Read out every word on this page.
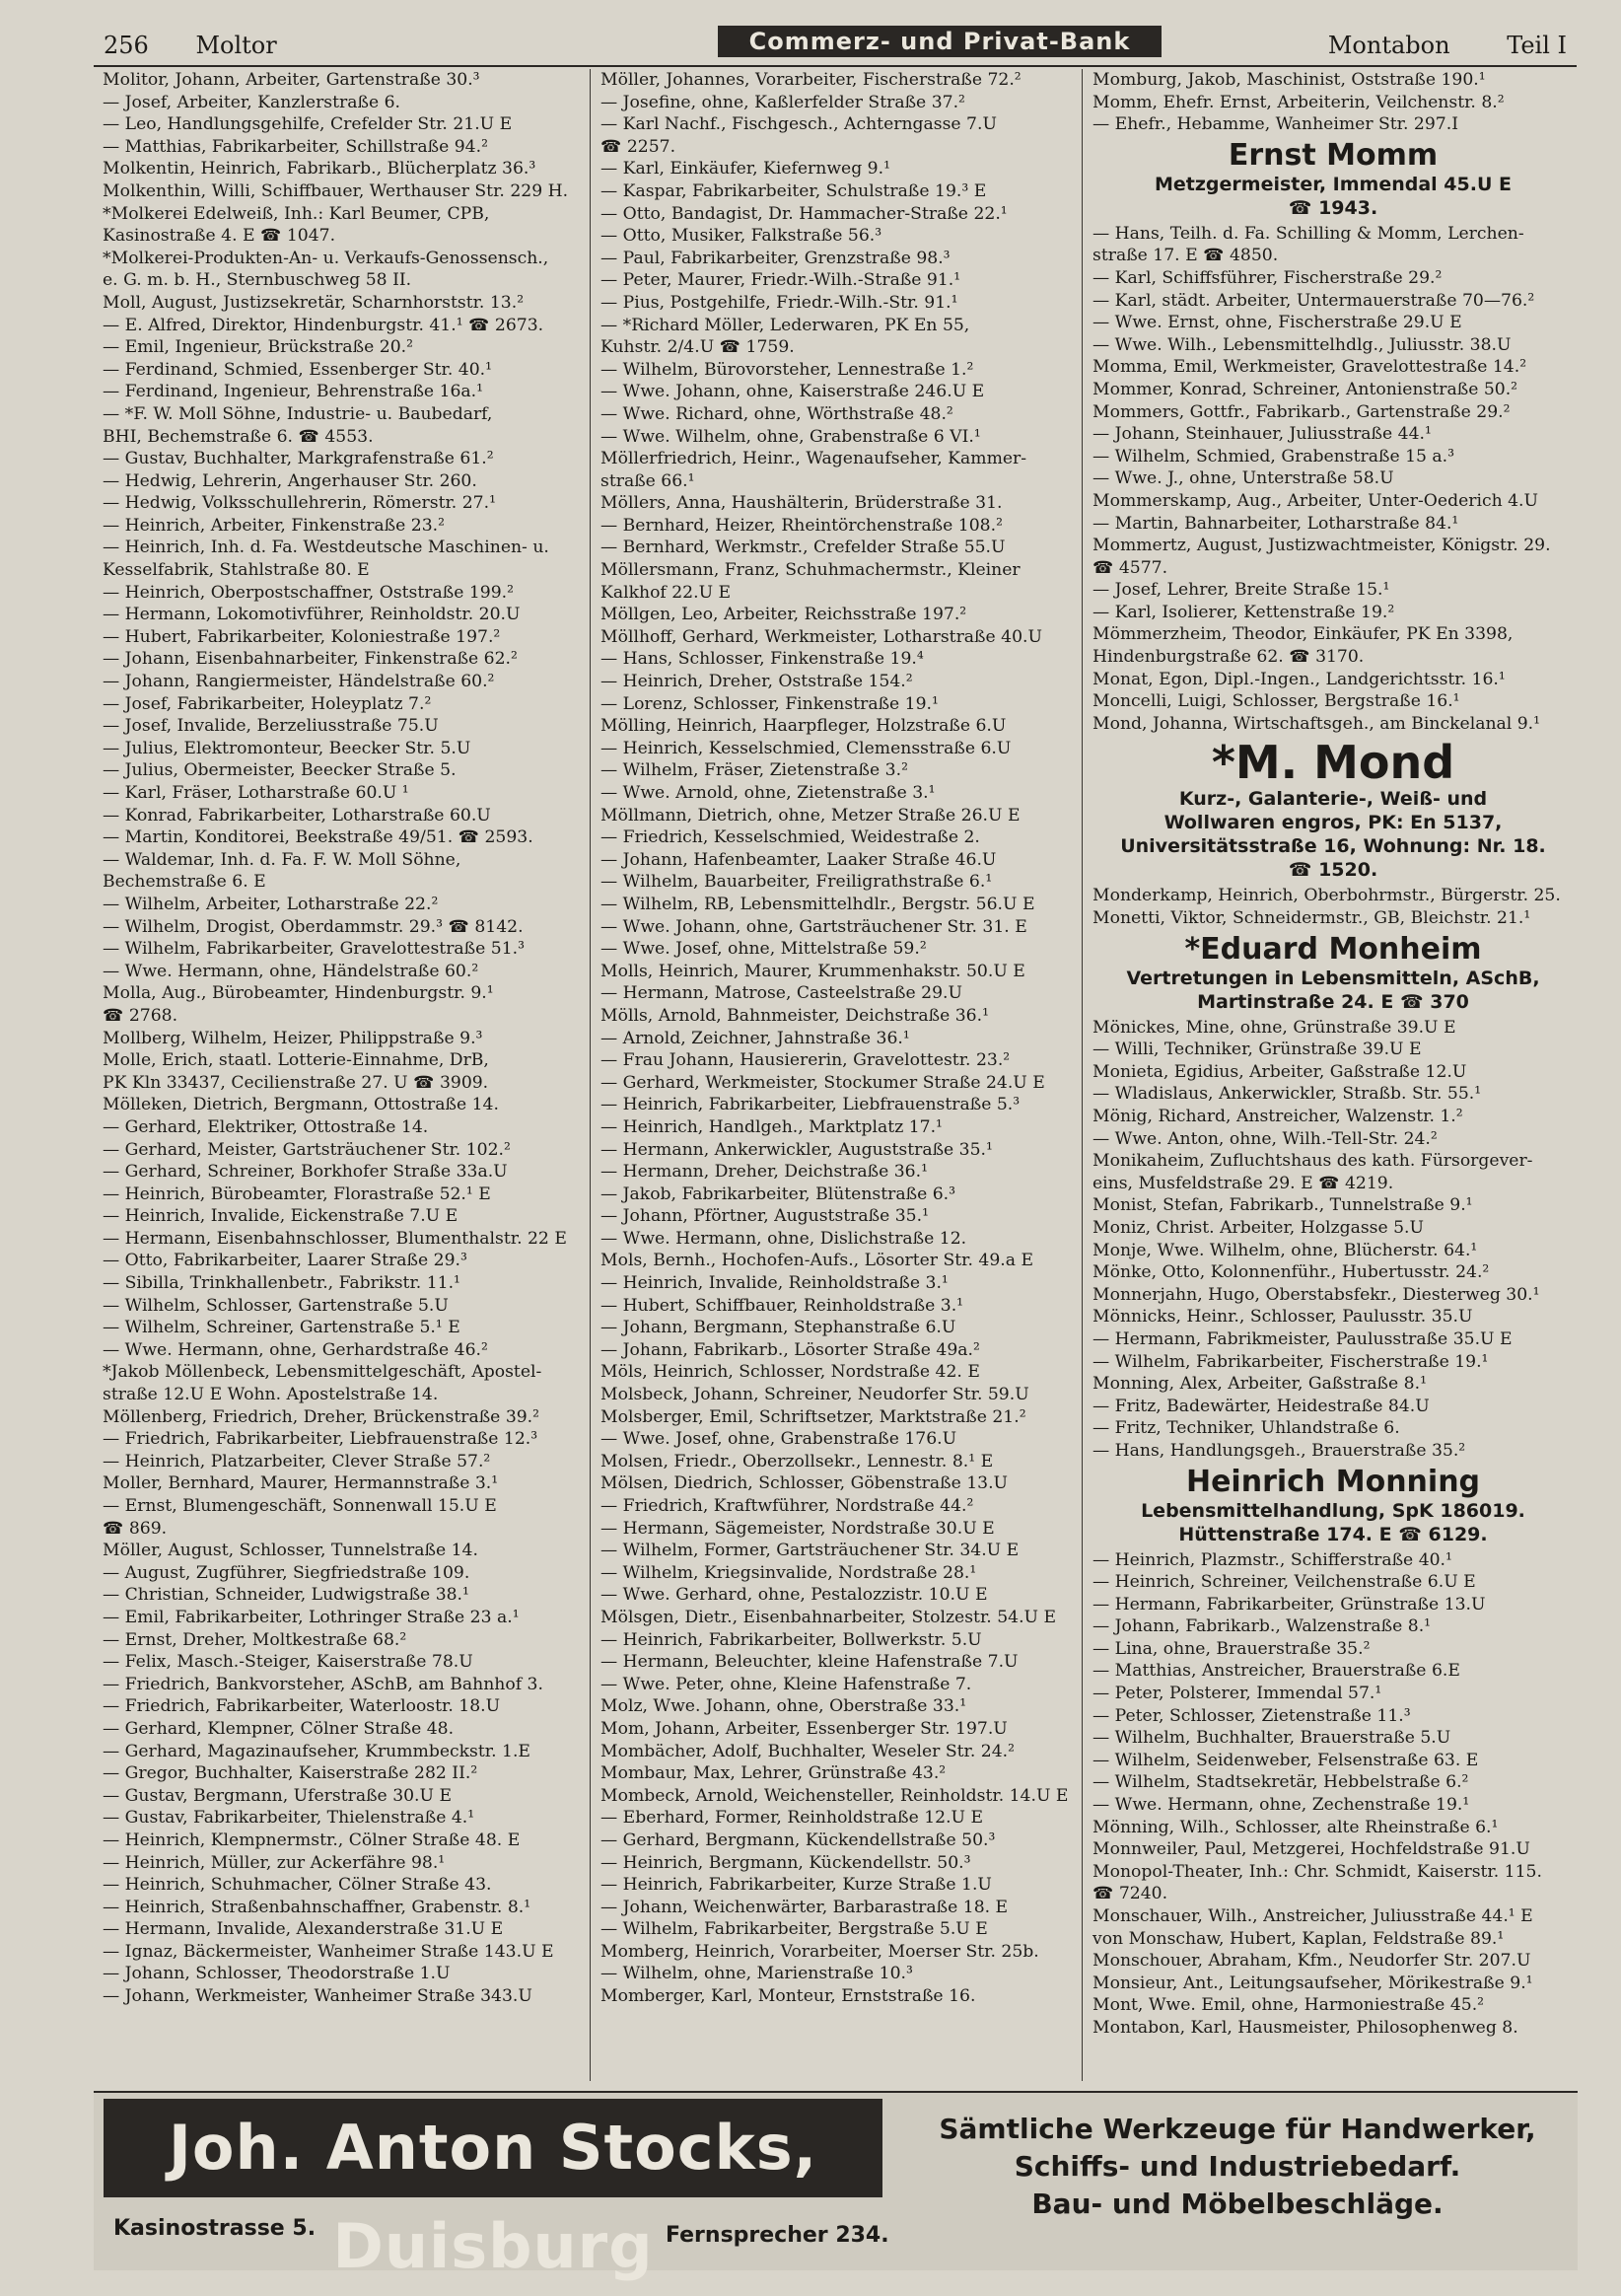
256 Moltor	Commerz- und Privat-Bank	Montabon Teil I
Molitor, Johann, Arbeiter, Gartenstraße 30.³
— Josef, Arbeiter, Kanzlerstraße 6.
— Leo, Handlungsgehilfe, Crefelder Str. 21.U E
— Matthias, Fabrikarbeiter, Schillstraße 94.²
Molkentin, Heinrich, Fabrikarb., Blücherplatz 36.³
Molkenthin, Willi, Schiffbauer, Werthauser Str. 229 H.
*Molkerei Edelweiß, Inh.: Karl Beumer, CPB,
Kasinostraße 4. E ☎ 1047.
*Molkerei-Produkten-An- u. Verkaufs-Genossensch.,
e. G. m. b. H., Sternbuschweg 58 II.
Moll, August, Justizsekretär, Scharnhorststr. 13.²
— E. Alfred, Direktor, Hindenburgstr. 41.¹ ☎ 2673.
— Emil, Ingenieur, Brückstraße 20.²
— Ferdinand, Schmied, Essenberger Str. 40.¹
— Ferdinand, Ingenieur, Behrenstraße 16a.¹
— *F. W. Moll Söhne, Industrie- u. Baubedarf,
BHI, Bechemstraße 6. ☎ 4553.
— Gustav, Buchhalter, Markgrafenstraße 61.²
— Hedwig, Lehrerin, Angerhauser Str. 260.
— Hedwig, Volksschullehrerin, Römerstr. 27.¹
— Heinrich, Arbeiter, Finkenstraße 23.²
— Heinrich, Inh. d. Fa. Westdeutsche Maschinen- u.
Kesselfabrik, Stahlstraße 80. E
— Heinrich, Oberpostschaffner, Oststraße 199.²
— Hermann, Lokomotivführer, Reinholdstr. 20.U
— Hubert, Fabrikarbeiter, Koloniestraße 197.²
— Johann, Eisenbahnarbeiter, Finkenstraße 62.²
— Johann, Rangiermeister, Händelstraße 60.²
— Josef, Fabrikarbeiter, Holeyplatz 7.²
— Josef, Invalide, Berzeliusstraße 75.U
— Julius, Elektromonteur, Beecker Str. 5.U
— Julius, Obermeister, Beecker Straße 5.
— Karl, Fräser, Lotharstraße 60.U ¹
— Konrad, Fabrikarbeiter, Lotharstraße 60.U
— Martin, Konditorei, Beekstraße 49/51. ☎ 2593.
— Waldemar, Inh. d. Fa. F. W. Moll Söhne,
Bechemstraße 6. E
— Wilhelm, Arbeiter, Lotharstraße 22.²
— Wilhelm, Drogist, Oberdammstr. 29.³ ☎ 8142.
— Wilhelm, Fabrikarbeiter, Gravelottestraße 51.³
— Wwe. Hermann, ohne, Händelstraße 60.²
Molla, Aug., Bürobeamter, Hindenburgstr. 9.¹
☎ 2768.
Mollberg, Wilhelm, Heizer, Philippstraße 9.³
Molle, Erich, staatl. Lotterie-Einnahme, DrB,
PK Kln 33437, Cecilienstraße 27. U ☎ 3909.
Mölleken, Dietrich, Bergmann, Ottostraße 14.
— Gerhard, Elektriker, Ottostraße 14.
— Gerhard, Meister, Gartsträuchener Str. 102.²
— Gerhard, Schreiner, Borkhofer Straße 33a.U
— Heinrich, Bürobeamter, Florastraße 52.¹ E
— Heinrich, Invalide, Eickenstraße 7.U E
— Hermann, Eisenbahnschlosser, Blumenthalstr. 22 E
— Otto, Fabrikarbeiter, Laarer Straße 29.³
— Sibilla, Trinkhallenbetr., Fabrikstr. 11.¹
— Wilhelm, Schlosser, Gartenstraße 5.U
— Wilhelm, Schreiner, Gartenstraße 5.¹ E
— Wwe. Hermann, ohne, Gerhardstraße 46.²
*Jakob Möllenbeck, Lebensmittelgeschäft, Apostel-
straße 12.U E Wohn. Apostelstraße 14.
Möllenberg, Friedrich, Dreher, Brückenstraße 39.²
— Friedrich, Fabrikarbeiter, Liebfrauenstraße 12.³
— Heinrich, Platzarbeiter, Clever Straße 57.²
Moller, Bernhard, Maurer, Hermannstraße 3.¹
— Ernst, Blumengeschäft, Sonnenwall 15.U E
☎ 869.
Möller, August, Schlosser, Tunnelstraße 14.
— August, Zugführer, Siegfriedstraße 109.
— Christian, Schneider, Ludwigstraße 38.¹
— Emil, Fabrikarbeiter, Lothringer Straße 23 a.¹
— Ernst, Dreher, Moltkestraße 68.²
— Felix, Masch.-Steiger, Kaiserstraße 78.U
— Friedrich, Bankvorsteher, ASchB, am Bahnhof 3.
— Friedrich, Fabrikarbeiter, Waterloostr. 18.U
— Gerhard, Klempner, Cölner Straße 48.
— Gerhard, Magazinaufseher, Krummbeckstr. 1.E
— Gregor, Buchhalter, Kaiserstraße 282 II.²
— Gustav, Bergmann, Uferstraße 30.U E
— Gustav, Fabrikarbeiter, Thielenstraße 4.¹
— Heinrich, Klempnermstr., Cölner Straße 48. E
— Heinrich, Müller, zur Ackerfähre 98.¹
— Heinrich, Schuhmacher, Cölner Straße 43.
— Heinrich, Straßenbahnschaffner, Grabenstr. 8.¹
— Hermann, Invalide, Alexanderstraße 31.U E
— Ignaz, Bäckermeister, Wanheimer Straße 143.U E
— Johann, Schlosser, Theodorstraße 1.U
— Johann, Werkmeister, Wanheimer Straße 343.U
Möller, Johannes, Vorarbeiter, Fischerstraße 72.²
— Josefine, ohne, Kaßlerfelder Straße 37.²
— Karl Nachf., Fischgesch., Achterngasse 7.U
☎ 2257.
— Karl, Einkäufer, Kiefernweg 9.¹
— Kaspar, Fabrikarbeiter, Schulstraße 19.³ E
— Otto, Bandagist, Dr. Hammacher-Straße 22.¹
— Otto, Musiker, Falkstraße 56.³
— Paul, Fabrikarbeiter, Grenzstraße 98.³
— Peter, Maurer, Friedr.-Wilh.-Straße 91.¹
— Pius, Postgehilfe, Friedr.-Wilh.-Str. 91.¹
— *Richard Möller, Lederwaren, PK En 55,
Kuhstr. 2/4.U ☎ 1759.
— Wilhelm, Bürovorsteher, Lennestraße 1.²
— Wwe. Johann, ohne, Kaiserstraße 246.U E
— Wwe. Richard, ohne, Wörthstraße 48.²
— Wwe. Wilhelm, ohne, Grabenstraße 6 VI.¹
Möllerfriedrich, Heinr., Wagenaufseher, Kammer-
straße 66.¹
Möllers, Anna, Haushälterin, Brüderstraße 31.
— Bernhard, Heizer, Rheintörchenstraße 108.²
— Bernhard, Werkmstr., Crefelder Straße 55.U
Möllersmann, Franz, Schuhmachermstr., Kleiner
Kalkhof 22.U E
Möllgen, Leo, Arbeiter, Reichsstraße 197.²
Möllhoff, Gerhard, Werkmeister, Lotharstraße 40.U
— Hans, Schlosser, Finkenstraße 19.⁴
— Heinrich, Dreher, Oststraße 154.²
— Lorenz, Schlosser, Finkenstraße 19.¹
Mölling, Heinrich, Haarpfleger, Holzstraße 6.U
— Heinrich, Kesselschmied, Clemensstraße 6.U
— Wilhelm, Fräser, Zietenstraße 3.²
— Wwe. Arnold, ohne, Zietenstraße 3.¹
Möllmann, Dietrich, ohne, Metzer Straße 26.U E
— Friedrich, Kesselschmied, Weidestraße 2.
— Johann, Hafenbeamter, Laaker Straße 46.U
— Wilhelm, Bauarbeiter, Freiligrathstraße 6.¹
— Wilhelm, RB, Lebensmittelhdlr., Bergstr. 56.U E
— Wwe. Johann, ohne, Gartsträuchener Str. 31. E
— Wwe. Josef, ohne, Mittelstraße 59.²
Molls, Heinrich, Maurer, Krummenhakstr. 50.U E
— Hermann, Matrose, Casteelstraße 29.U
Mölls, Arnold, Bahnmeister, Deichstraße 36.¹
— Arnold, Zeichner, Jahnstraße 36.¹
— Frau Johann, Hausiererin, Gravelottestr. 23.²
— Gerhard, Werkmeister, Stockumer Straße 24.U E
— Heinrich, Fabrikarbeiter, Liebfrauenstraße 5.³
— Heinrich, Handlgeh., Marktplatz 17.¹
— Hermann, Ankerwickler, Auguststraße 35.¹
— Hermann, Dreher, Deichstraße 36.¹
— Jakob, Fabrikarbeiter, Blütenstraße 6.³
— Johann, Pförtner, Auguststraße 35.¹
— Wwe. Hermann, ohne, Dislichstraße 12.
Mols, Bernh., Hochofen-Aufs., Lösorter Str. 49.a E
— Heinrich, Invalide, Reinholdstraße 3.¹
— Hubert, Schiffbauer, Reinholdstraße 3.¹
— Johann, Bergmann, Stephanstraße 6.U
— Johann, Fabrikarb., Lösorter Straße 49a.²
Möls, Heinrich, Schlosser, Nordstraße 42. E
Molsbeck, Johann, Schreiner, Neudorfer Str. 59.U
Molsberger, Emil, Schriftsetzer, Marktstraße 21.²
— Wwe. Josef, ohne, Grabenstraße 176.U
Molsen, Friedr., Oberzollsekr., Lennestr. 8.¹ E
Mölsen, Diedrich, Schlosser, Göbenstraße 13.U
— Friedrich, Kraftwführer, Nordstraße 44.²
— Hermann, Sägemeister, Nordstraße 30.U E
— Wilhelm, Former, Gartsträuchener Str. 34.U E
— Wilhelm, Kriegsinvalide, Nordstraße 28.¹
— Wwe. Gerhard, ohne, Pestalozzistr. 10.U E
Mölsgen, Dietr., Eisenbahnarbeiter, Stolzestr. 54.U E
— Heinrich, Fabrikarbeiter, Bollwerkstr. 5.U
— Hermann, Beleuchter, kleine Hafenstraße 7.U
— Wwe. Peter, ohne, Kleine Hafenstraße 7.
Molz, Wwe. Johann, ohne, Oberstraße 33.¹
Mom, Johann, Arbeiter, Essenberger Str. 197.U
Mombächer, Adolf, Buchhalter, Weseler Str. 24.²
Mombaur, Max, Lehrer, Grünstraße 43.²
Mombeck, Arnold, Weichensteller, Reinholdstr. 14.U E
— Eberhard, Former, Reinholdstraße 12.U E
— Gerhard, Bergmann, Kückendellstraße 50.³
— Heinrich, Bergmann, Kückendellstr. 50.³
— Heinrich, Fabrikarbeiter, Kurze Straße 1.U
— Johann, Weichenwärter, Barbarastraße 18. E
— Wilhelm, Fabrikarbeiter, Bergstraße 5.U E
Momberg, Heinrich, Vorarbeiter, Moerser Str. 25b.
— Wilhelm, ohne, Marienstraße 10.³
Momberger, Karl, Monteur, Ernststraße 16.
Momburg, Jakob, Maschinist, Oststraße 190.¹
Momm, Ehefr. Ernst, Arbeiterin, Veilchenstr. 8.²
— Ehefr., Hebamme, Wanheimer Str. 297.I
Ernst Momm
Metzgermeister, Immendal 45.U E
☎ 1943.
— Hans, Teilh. d. Fa. Schilling & Momm, Lerchen-
straße 17. E ☎ 4850.
— Karl, Schiffsführer, Fischerstraße 29.²
— Karl, städt. Arbeiter, Untermauerstraße 70—76.²
— Wwe. Ernst, ohne, Fischerstraße 29.U E
— Wwe. Wilh., Lebensmittelhdlg., Juliusstr. 38.U
Momma, Emil, Werkmeister, Gravelottestraße 14.²
Mommer, Konrad, Schreiner, Antonienstraße 50.²
Mommers, Gottfr., Fabrikarb., Gartenstraße 29.²
— Johann, Steinhauer, Juliusstraße 44.¹
— Wilhelm, Schmied, Grabenstraße 15 a.³
— Wwe. J., ohne, Unterstraße 58.U
Mommerskamp, Aug., Arbeiter, Unter-Oederich 4.U
— Martin, Bahnarbeiter, Lotharstraße 84.¹
Mommertz, August, Justizwachtmeister, Königstr. 29.
☎ 4577.
— Josef, Lehrer, Breite Straße 15.¹
— Karl, Isolierer, Kettenstraße 19.²
Mömmerzheim, Theodor, Einkäufer, PK En 3398,
Hindenburgstraße 62. ☎ 3170.
Monat, Egon, Dipl.-Ingen., Landgerichtsstr. 16.¹
Moncelli, Luigi, Schlosser, Bergstraße 16.¹
Mond, Johanna, Wirtschaftsgeh., am Binckelanal 9.¹
*M. Mond
Kurz-, Galanterie-, Weiß- und
Wollwaren engros, PK: En 5137,
Universitätsstraße 16, Wohnung: Nr. 18.
☎ 1520.
Monderkamp, Heinrich, Oberbohrmstr., Bürgerstr. 25.
Monetti, Viktor, Schneidermstr., GB, Bleichstr. 21.¹
*Eduard Monheim
Vertretungen in Lebensmitteln, ASchB,
Martinstraße 24. E ☎ 370
Mönickes, Mine, ohne, Grünstraße 39.U E
— Willi, Techniker, Grünstraße 39.U E
Monieta, Egidius, Arbeiter, Gaßstraße 12.U
— Wladislaus, Ankerwickler, Straßb. Str. 55.¹
Mönig, Richard, Anstreicher, Walzenstr. 1.²
— Wwe. Anton, ohne, Wilh.-Tell-Str. 24.²
Monikaheim, Zufluchtshaus des kath. Fürsorgever-
eins, Musfeldstraße 29. E ☎ 4219.
Monist, Stefan, Fabrikarb., Tunnelstraße 9.¹
Moniz, Christ. Arbeiter, Holzgasse 5.U
Monje, Wwe. Wilhelm, ohne, Blücherstr. 64.¹
Mönke, Otto, Kolonnenführ., Hubertusstr. 24.²
Monnerjahn, Hugo, Oberstabsfekr., Diesterweg 30.¹
Mönnicks, Heinr., Schlosser, Paulusstr. 35.U
— Hermann, Fabrikmeister, Paulusstraße 35.U E
— Wilhelm, Fabrikarbeiter, Fischerstraße 19.¹
Monning, Alex, Arbeiter, Gaßstraße 8.¹
— Fritz, Badewärter, Heidestraße 84.U
— Fritz, Techniker, Uhlandstraße 6.
— Hans, Handlungsgeh., Brauerstraße 35.²
Heinrich Monning
Lebensmittelhandlung, SpK 186019.
Hüttenstraße 174. E ☎ 6129.
— Heinrich, Plazmstr., Schifferstraße 40.¹
— Heinrich, Schreiner, Veilchenstraße 6.U E
— Hermann, Fabrikarbeiter, Grünstraße 13.U
— Johann, Fabrikarb., Walzenstraße 8.¹
— Lina, ohne, Brauerstraße 35.²
— Matthias, Anstreicher, Brauerstraße 6.E
— Peter, Polsterer, Immendal 57.¹
— Peter, Schlosser, Zietenstraße 11.³
— Wilhelm, Buchhalter, Brauerstraße 5.U
— Wilhelm, Seidenweber, Felsenstraße 63. E
— Wilhelm, Stadtsekretär, Hebbelstraße 6.²
— Wwe. Hermann, ohne, Zechenstraße 19.¹
Mönning, Wilh., Schlosser, alte Rheinstraße 6.¹
Monnweiler, Paul, Metzgerei, Hochfeldstraße 91.U
Monopol-Theater, Inh.: Chr. Schmidt, Kaiserstr. 115.
☎ 7240.
Monschauer, Wilh., Anstreicher, Juliusstraße 44.¹ E
von Monschaw, Hubert, Kaplan, Feldstraße 89.¹
Monschouer, Abraham, Kfm., Neudorfer Str. 207.U
Monsieur, Ant., Leitungsaufseher, Mörikestraße 9.¹
Mont, Wwe. Emil, ohne, Harmoniestraße 45.²
Montabon, Karl, Hausmeister, Philosophenweg 8.
Joh. Anton Stocks, Duisburg
Kasinostrasse 5.	Fernsprecher 234.
Sämtliche Werkzeuge für Handwerker,
Schiffs- und Industriebedarf.
Bau- und Möbelbeschläge.
